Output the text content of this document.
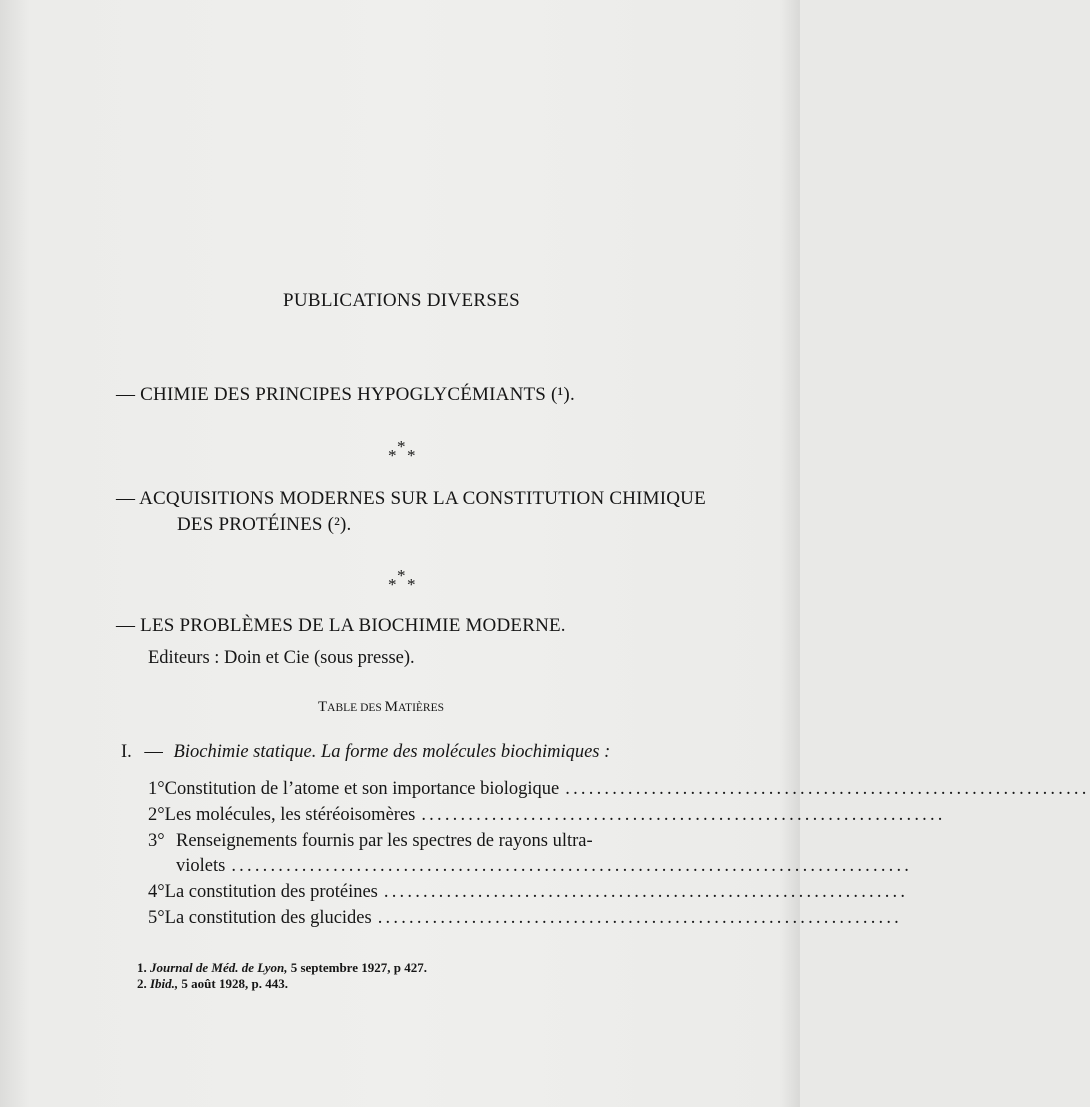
PUBLICATIONS DIVERSES
— CHIMIE DES PRINCIPES HYPOGLYCÉMIANTS (¹).
*
* *
— ACQUISITIONS MODERNES SUR LA CONSTITUTION CHIMIQUE
DES PROTÉINES (²).
*
* *
— LES PROBLÈMES DE LA BIOCHIMIE MODERNE.
Editeurs : Doin et Cie (sous presse).
TABLE DES MATIÈRES
I. — Biochimie statique. La forme des molécules biochimiques :
1° Constitution de l’atome et son importance biologique ...................................................................
2° Les molécules, les stéréoisomères ...................................................................
3° Renseignements fournis par les spectres de rayons ultra-
violets .......................................................................................
4° La constitution des protéines ...................................................................
5° La constitution des glucides ...................................................................
1. Journal de Méd. de Lyon, 5 septembre 1927, p 427.
2. Ibid., 5 août 1928, p. 443.
